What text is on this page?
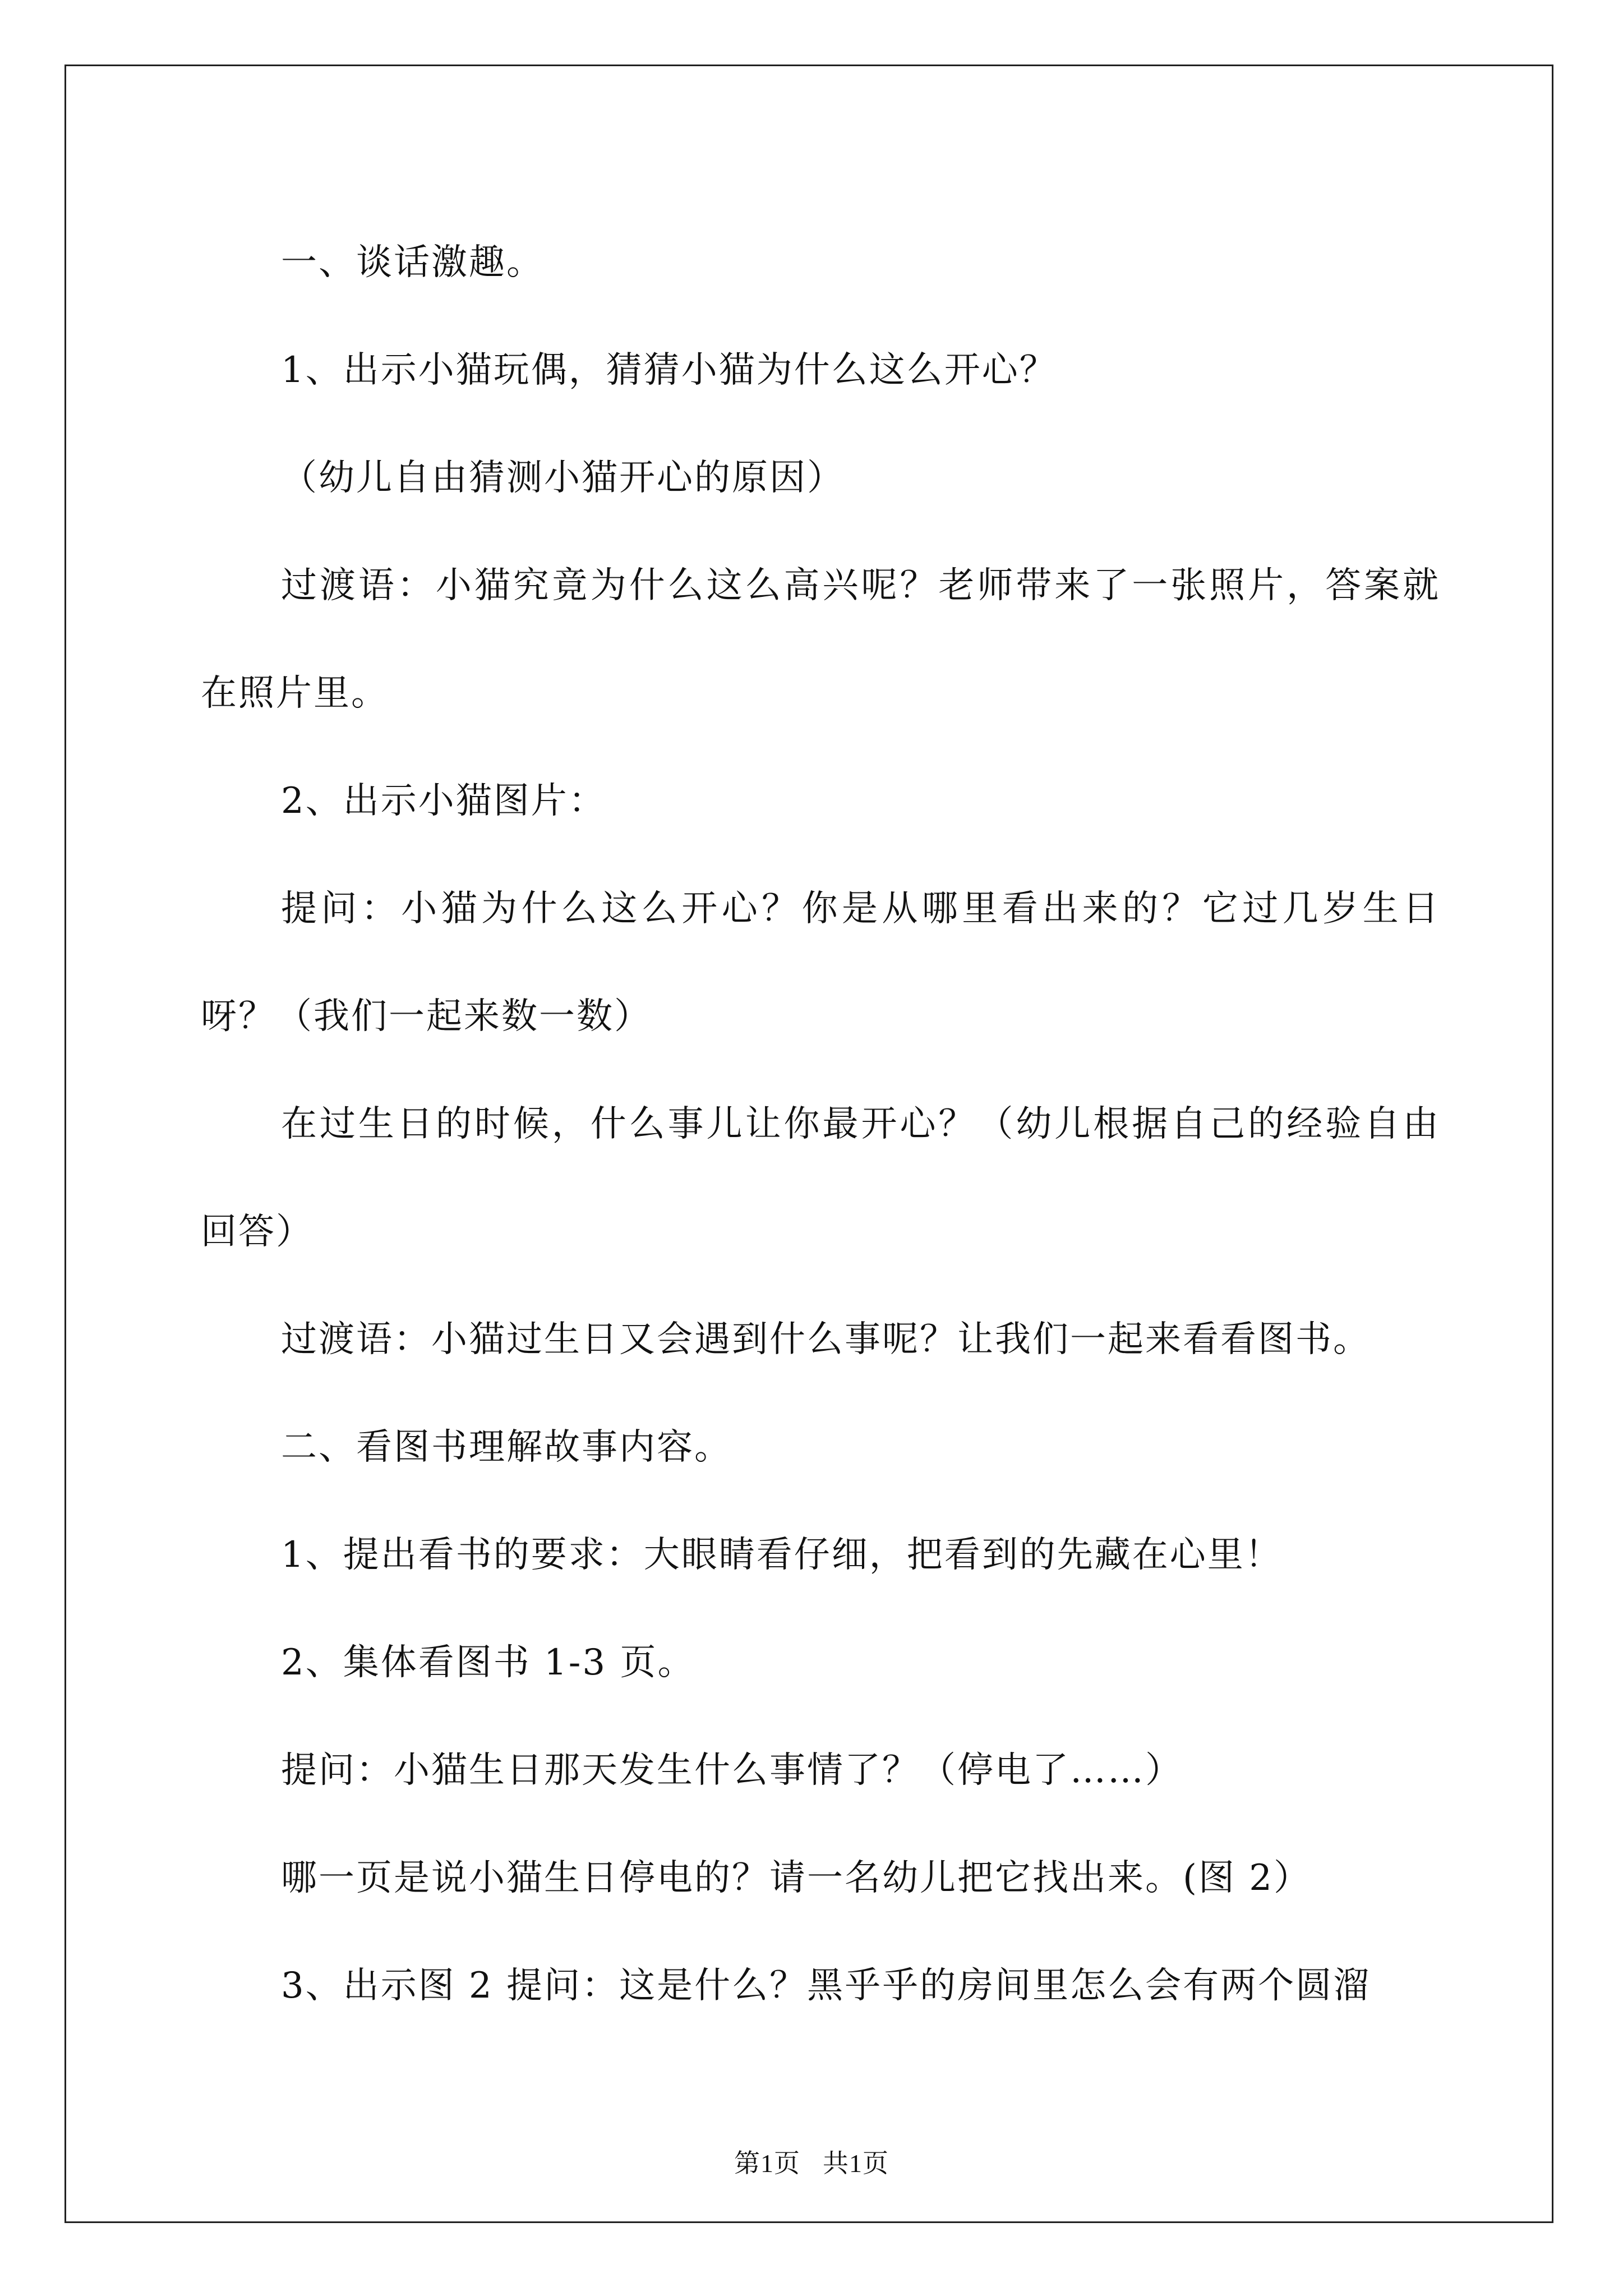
一、谈话激趣。

1、出示小猫玩偶，猜猜小猫为什么这么开心？

（幼儿自由猜测小猫开心的原因）

过渡语：小猫究竟为什么这么高兴呢？老师带来了一张照片，答案就在照片里。

2、出示小猫图片：

提问：小猫为什么这么开心？你是从哪里看出来的？它过几岁生日呀？（我们一起来数一数）

在过生日的时候，什么事儿让你最开心？（幼儿根据自己的经验自由回答）

过渡语：小猫过生日又会遇到什么事呢？让我们一起来看看图书。

二、看图书理解故事内容。

1、提出看书的要求：大眼睛看仔细，把看到的先藏在心里！

2、集体看图书 1-3 页。

提问：小猫生日那天发生什么事情了？（停电了……）

哪一页是说小猫生日停电的？请一名幼儿把它找出来。(图 2）

3、出示图 2 提问：这是什么？黑乎乎的房间里怎么会有两个圆溜

第1页 共1页
